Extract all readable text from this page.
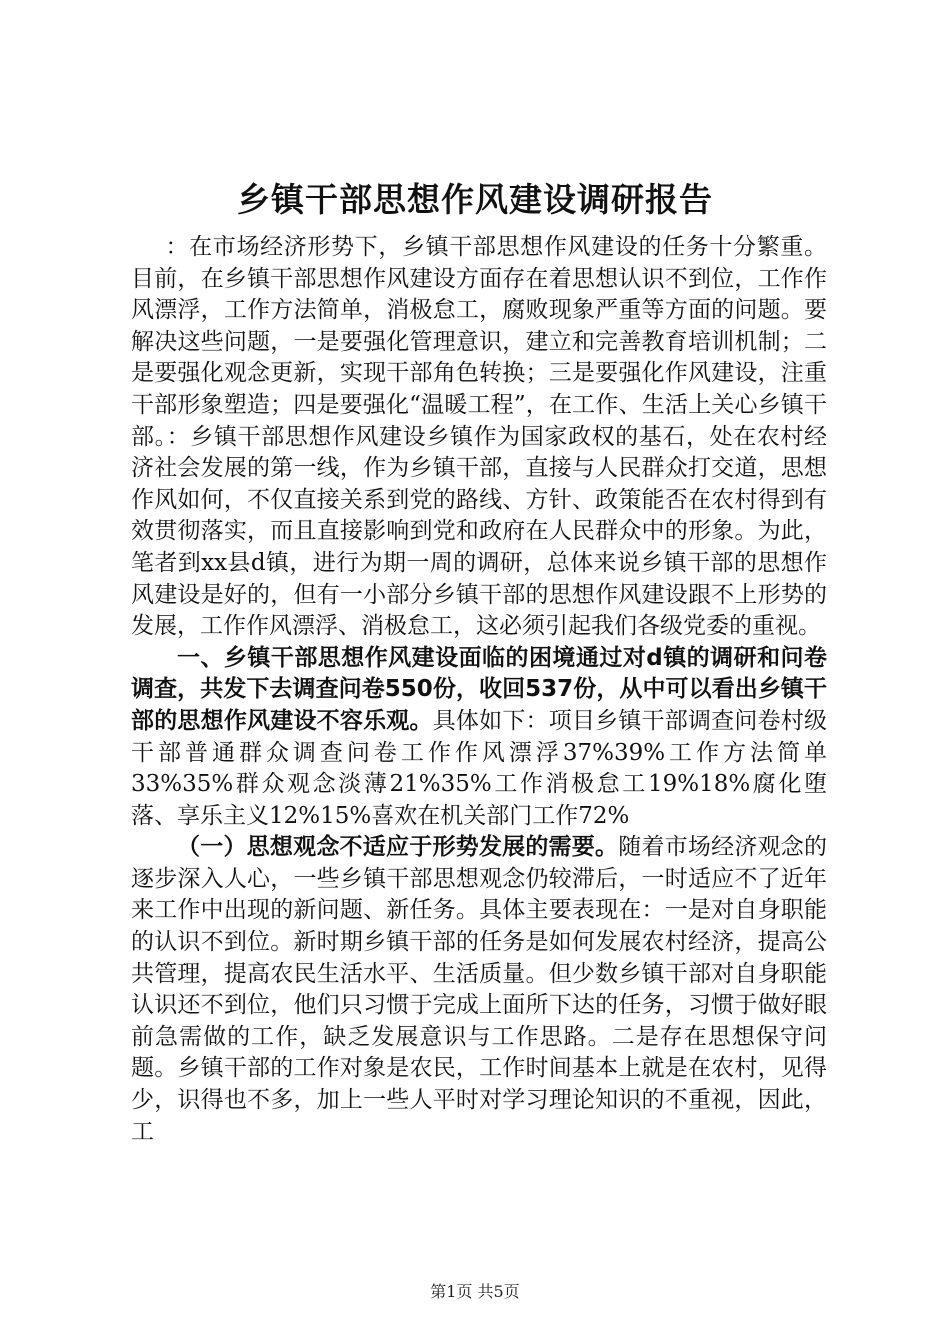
乡镇干部思想作风建设调研报告

：在市场经济形势下，乡镇干部思想作风建设的任务十分繁重。目前，在乡镇干部思想作风建设方面存在着思想认识不到位，工作作风漂浮，工作方法简单，消极怠工，腐败现象严重等方面的问题。要解决这些问题，一是要强化管理意识，建立和完善教育培训机制；二是要强化观念更新，实现干部角色转换；三是要强化作风建设，注重干部形象塑造；四是要强化“温暖工程”，在工作、生活上关心乡镇干部。：乡镇干部思想作风建设乡镇作为国家政权的基石，处在农村经济社会发展的第一线，作为乡镇干部，直接与人民群众打交道，思想作风如何，不仅直接关系到党的路线、方针、政策能否在农村得到有效贯彻落实，而且直接影响到党和政府在人民群众中的形象。为此，笔者到xx县d镇，进行为期一周的调研，总体来说乡镇干部的思想作风建设是好的，但有一小部分乡镇干部的思想作风建设跟不上形势的发展，工作作风漂浮、消极怠工，这必须引起我们各级党委的重视。

一、乡镇干部思想作风建设面临的困境通过对d镇的调研和问卷调查，共发下去调查问卷550份，收回537份，从中可以看出乡镇干部的思想作风建设不容乐观。具体如下：项目乡镇干部调查问卷村级干部普通群众调查问卷工作作风漂浮37%39%工作方法简单33%35%群众观念淡薄21%35%工作消极怠工19%18%腐化堕落、享乐主义12%15%喜欢在机关部门工作72%

（一）思想观念不适应于形势发展的需要。随着市场经济观念的逐步深入人心，一些乡镇干部思想观念仍较滞后，一时适应不了近年来工作中出现的新问题、新任务。具体主要表现在：一是对自身职能的认识不到位。新时期乡镇干部的任务是如何发展农村经济，提高公共管理，提高农民生活水平、生活质量。但少数乡镇干部对自身职能认识还不到位，他们只习惯于完成上面所下达的任务，习惯于做好眼前急需做的工作，缺乏发展意识与工作思路。二是存在思想保守问题。乡镇干部的工作对象是农民，工作时间基本上就是在农村，见得少，识得也不多，加上一些人平时对学习理论知识的不重视，因此，工

第1页 共5页
